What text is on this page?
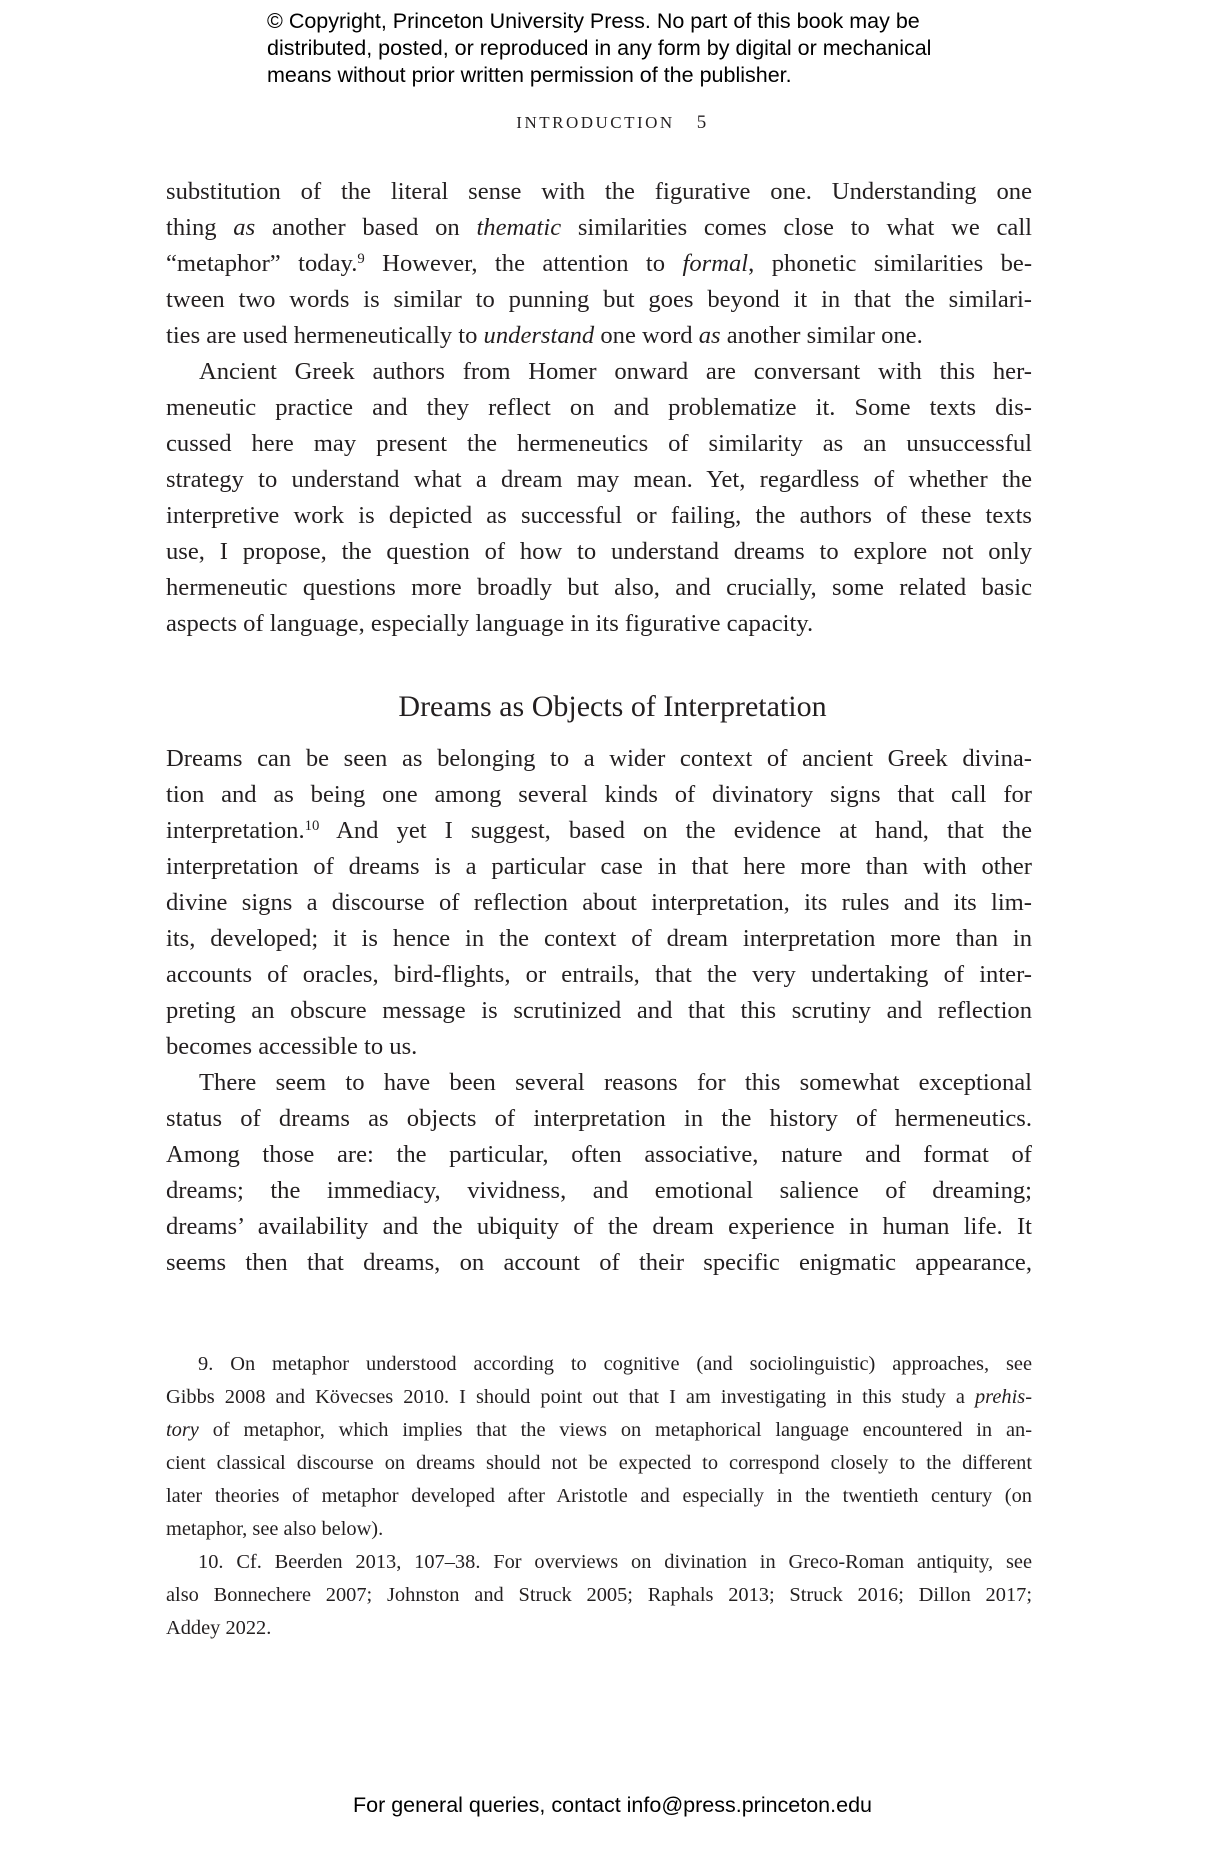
© Copyright, Princeton University Press. No part of this book may be
distributed, posted, or reproduced in any form by digital or mechanical
means without prior written permission of the publisher.
INTRODUCTION 5
substitution of the literal sense with the figurative one. Understanding one
thing as another based on thematic similarities comes close to what we call
“metaphor” today.$^9$ However, the attention to formal, phonetic similarities be-
tween two words is similar to punning but goes beyond it in that the similari-
ties are used hermeneutically to understand one word as another similar one.
Ancient Greek authors from Homer onward are conversant with this her-
meneutic practice and they reflect on and problematize it. Some texts dis-
cussed here may present the hermeneutics of similarity as an unsuccessful
strategy to understand what a dream may mean. Yet, regardless of whether the
interpretive work is depicted as successful or failing, the authors of these texts
use, I propose, the question of how to understand dreams to explore not only
hermeneutic questions more broadly but also, and crucially, some related basic
aspects of language, especially language in its figurative capacity.
Dreams as Objects of Interpretation
Dreams can be seen as belonging to a wider context of ancient Greek divina-
tion and as being one among several kinds of divinatory signs that call for
interpretation.$^{10}$ And yet I suggest, based on the evidence at hand, that the
interpretation of dreams is a particular case in that here more than with other
divine signs a discourse of reflection about interpretation, its rules and its lim-
its, developed; it is hence in the context of dream interpretation more than in
accounts of oracles, bird-flights, or entrails, that the very undertaking of inter-
preting an obscure message is scrutinized and that this scrutiny and reflection
becomes accessible to us.
There seem to have been several reasons for this somewhat exceptional
status of dreams as objects of interpretation in the history of hermeneutics.
Among those are: the particular, often associative, nature and format of
dreams; the immediacy, vividness, and emotional salience of dreaming;
dreams’ availability and the ubiquity of the dream experience in human life. It
seems then that dreams, on account of their specific enigmatic appearance,
9. On metaphor understood according to cognitive (and sociolinguistic) approaches, see
Gibbs 2008 and Kövecses 2010. I should point out that I am investigating in this study a prehis-
tory of metaphor, which implies that the views on metaphorical language encountered in an-
cient classical discourse on dreams should not be expected to correspond closely to the different
later theories of metaphor developed after Aristotle and especially in the twentieth century (on
metaphor, see also below).
10. Cf. Beerden 2013, 107–38. For overviews on divination in Greco-Roman antiquity, see
also Bonnechere 2007; Johnston and Struck 2005; Raphals 2013; Struck 2016; Dillon 2017;
Addey 2022.
For general queries, contact info@press.princeton.edu
